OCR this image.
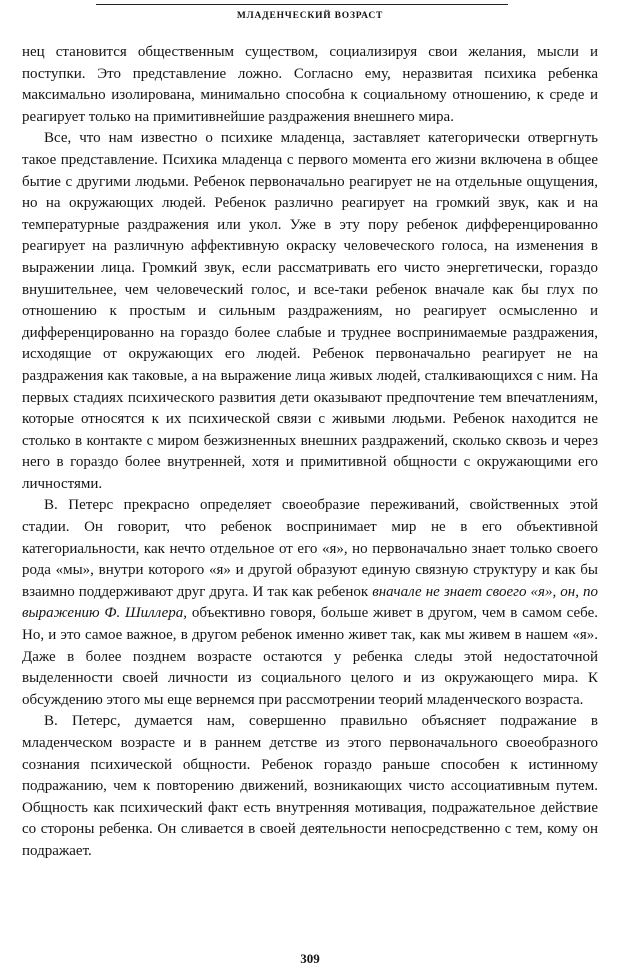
МЛАДЕНЧЕСКИЙ ВОЗРАСТ

нец становится общественным существом, социализируя свои желания, мысли и поступки. Это представление ложно. Согласно ему, неразвитая психика ребенка максимально изолирована, минимально способна к социальному отношению, к среде и реагирует только на примитивнейшие раздражения внешнего мира.

Все, что нам известно о психике младенца, заставляет категорически отвергнуть такое представление. Психика младенца с первого момента его жизни включена в общее бытие с другими людьми. Ребенок первоначально реагирует не на отдельные ощущения, но на окружающих людей. Ребенок различно реагирует на громкий звук, как и на температурные раздражения или укол. Уже в эту пору ребенок дифференцированно реагирует на различную аффективную окраску человеческого голоса, на изменения в выражении лица. Громкий звук, если рассматривать его чисто энергетически, гораздо внушительнее, чем человеческий голос, и все-таки ребенок вначале как бы глух по отношению к простым и сильным раздражениям, но реагирует осмысленно и дифференцированно на гораздо более слабые и труднее воспринимаемые раздражения, исходящие от окружающих его людей. Ребенок первоначально реагирует не на раздражения как таковые, а на выражение лица живых людей, сталкивающихся с ним. На первых стадиях психического развития дети оказывают предпочтение тем впечатлениям, которые относятся к их психической связи с живыми людьми. Ребенок находится не столько в контакте с миром безжизненных внешних раздражений, сколько сквозь и через него в гораздо более внутренней, хотя и примитивной общности с окружающими его личностями.

В. Петерс прекрасно определяет своеобразие переживаний, свойственных этой стадии. Он говорит, что ребенок воспринимает мир не в его объективной категориальности, как нечто отдельное от его «я», но первоначально знает только своего рода «мы», внутри которого «я» и другой образуют единую связную структуру и как бы взаимно поддерживают друг друга. И так как ребенок вначале не знает своего «я», он, по выражению Ф. Шиллера, объективно говоря, больше живет в другом, чем в самом себе. Но, и это самое важное, в другом ребенок именно живет так, как мы живем в нашем «я». Даже в более позднем возрасте остаются у ребенка следы этой недостаточной выделенности своей личности из социального целого и из окружающего мира. К обсуждению этого мы еще вернемся при рассмотрении теорий младенческого возраста.

В. Петерс, думается нам, совершенно правильно объясняет подражание в младенческом возрасте и в раннем детстве из этого первоначального своеобразного сознания психической общности. Ребенок гораздо раньше способен к истинному подражанию, чем к повторению движений, возникающих чисто ассоциативным путем. Общность как психический факт есть внутренняя мотивация, подражательное действие со стороны ребенка. Он сливается в своей деятельности непосредственно с тем, кому он подражает.

309
